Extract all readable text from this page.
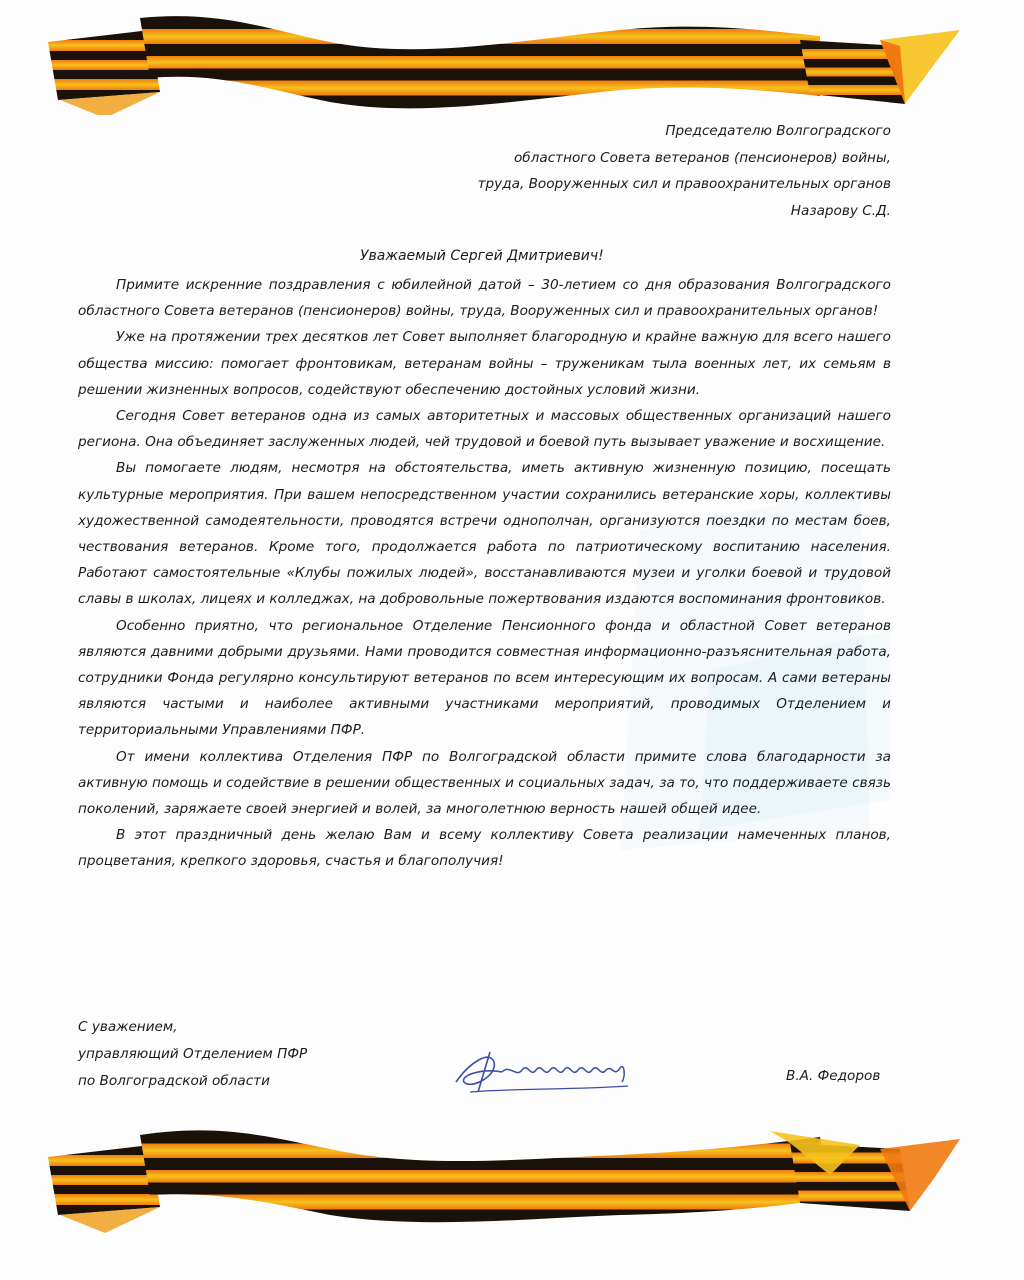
Председателю Волгоградского
областного Совета ветеранов (пенсионеров) войны,
труда, Вооруженных сил и правоохранительных органов
Назарову С.Д.
Уважаемый Сергей Дмитриевич!

Примите искренние поздравления с юбилейной датой – 30-летием со дня образования Волгоградского областного Совета ветеранов (пенсионеров) войны, труда, Вооруженных сил и правоохранительных органов!

Уже на протяжении трех десятков лет Совет выполняет благородную и крайне важную для всего нашего общества миссию: помогает фронтовикам, ветеранам войны – труженикам тыла военных лет, их семьям в решении жизненных вопросов, содействуют обеспечению достойных условий жизни.

Сегодня Совет ветеранов одна из самых авторитетных и массовых общественных организаций нашего региона. Она объединяет заслуженных людей, чей трудовой и боевой путь вызывает уважение и восхищение.

Вы помогаете людям, несмотря на обстоятельства, иметь активную жизненную позицию, посещать культурные мероприятия. При вашем непосредственном участии сохранились ветеранские хоры, коллективы художественной самодеятельности, проводятся встречи однополчан, организуются поездки по местам боев, чествования ветеранов. Кроме того, продолжается работа по патриотическому воспитанию населения. Работают самостоятельные «Клубы пожилых людей», восстанавливаются музеи и уголки боевой и трудовой славы в школах, лицеях и колледжах, на добровольные пожертвования издаются воспоминания фронтовиков.

Особенно приятно, что региональное Отделение Пенсионного фонда и областной Совет ветеранов являются давними добрыми друзьями. Нами проводится совместная информационно-разъяснительная работа, сотрудники Фонда регулярно консультируют ветеранов по всем интересующим их вопросам. А сами ветераны являются частыми и наиболее активными участниками мероприятий, проводимых Отделением и территориальными Управлениями ПФР.

От имени коллектива Отделения ПФР по Волгоградской области примите слова благодарности за активную помощь и содействие в решении общественных и социальных задач, за то, что поддерживаете связь поколений, заряжаете своей энергией и волей, за многолетнюю верность нашей общей идее.

В этот праздничный день желаю Вам и всему коллективу Совета реализации намеченных планов, процветания, крепкого здоровья, счастья и благополучия!

С уважением,
управляющий Отделением ПФР
по Волгоградской области	В.А. Федоров
